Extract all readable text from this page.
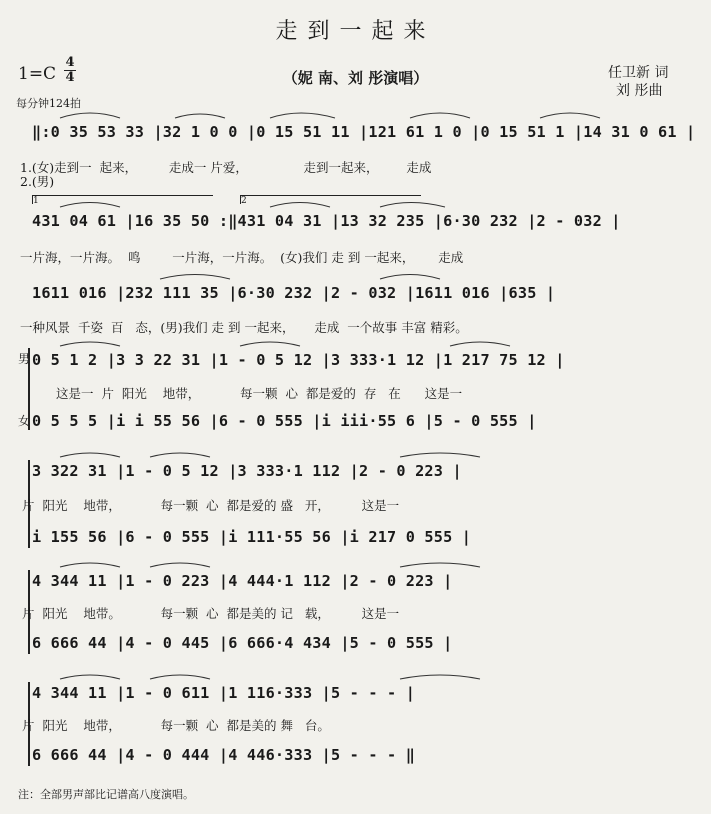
走到一起来
1=C
4
4	（妮 南、刘 彤演唱）	任卫新 词
刘 彤曲
每分钟124拍
‖:0 35 53 33 |32 1 0 0 |0 15 51 11 |121 61 1 0 |0 15 51 1 |14 31 0 61 |
1.(女)走到一  起来，        走成一 片爱，              走到一起来，       走成
2.(男)
1	2
431 04 61 |16 35 50 :‖431 04 31 |13 32 235 |6·30 232 |2 - 032 |
一片海，一片海。  鸣        一片海，一片海。  (女)我们 走 到 一起来，      走成
1611 016 |232 111 35 |6·30 232 |2 - 032 |1611 016 |635 |
一种风景  千姿  百   态，(男)我们 走 到 一起来，     走成  一个故事 丰富 精彩。
男
女
0 5 1 2 |3 3 22 31 |1 - 0 5 12 |3 333·1 12 |1 217 75 12 |
这是一  片  阳光    地带，          每一颗  心  都是爱的  存   在      这是一
0 5 5 5 |i i 55 56 |6 - 0 555 |i iii·55 6 |5 - 0 555 |
3 322 31 |1 - 0 5 12 |3 333·1 112 |2 - 0 223 |
片  阳光    地带，          每一颗  心  都是爱的 盛   开，        这是一
i 155 56 |6 - 0 555 |i 111·55 56 |i 217 0 555 |
4 344 11 |1 - 0 223 |4 444·1 112 |2 - 0 223 |
片  阳光    地带。          每一颗  心  都是美的 记   载，        这是一
6 666 44 |4 - 0 445 |6 666·4 434 |5 - 0 555 |
4 344 11 |1 - 0 611 |1 116·333 |5 - - - |
片  阳光    地带，          每一颗  心  都是美的 舞   台。
6 666 44 |4 - 0 444 |4 446·333 |5 - - - ‖
注：全部男声部比记谱高八度演唱。
